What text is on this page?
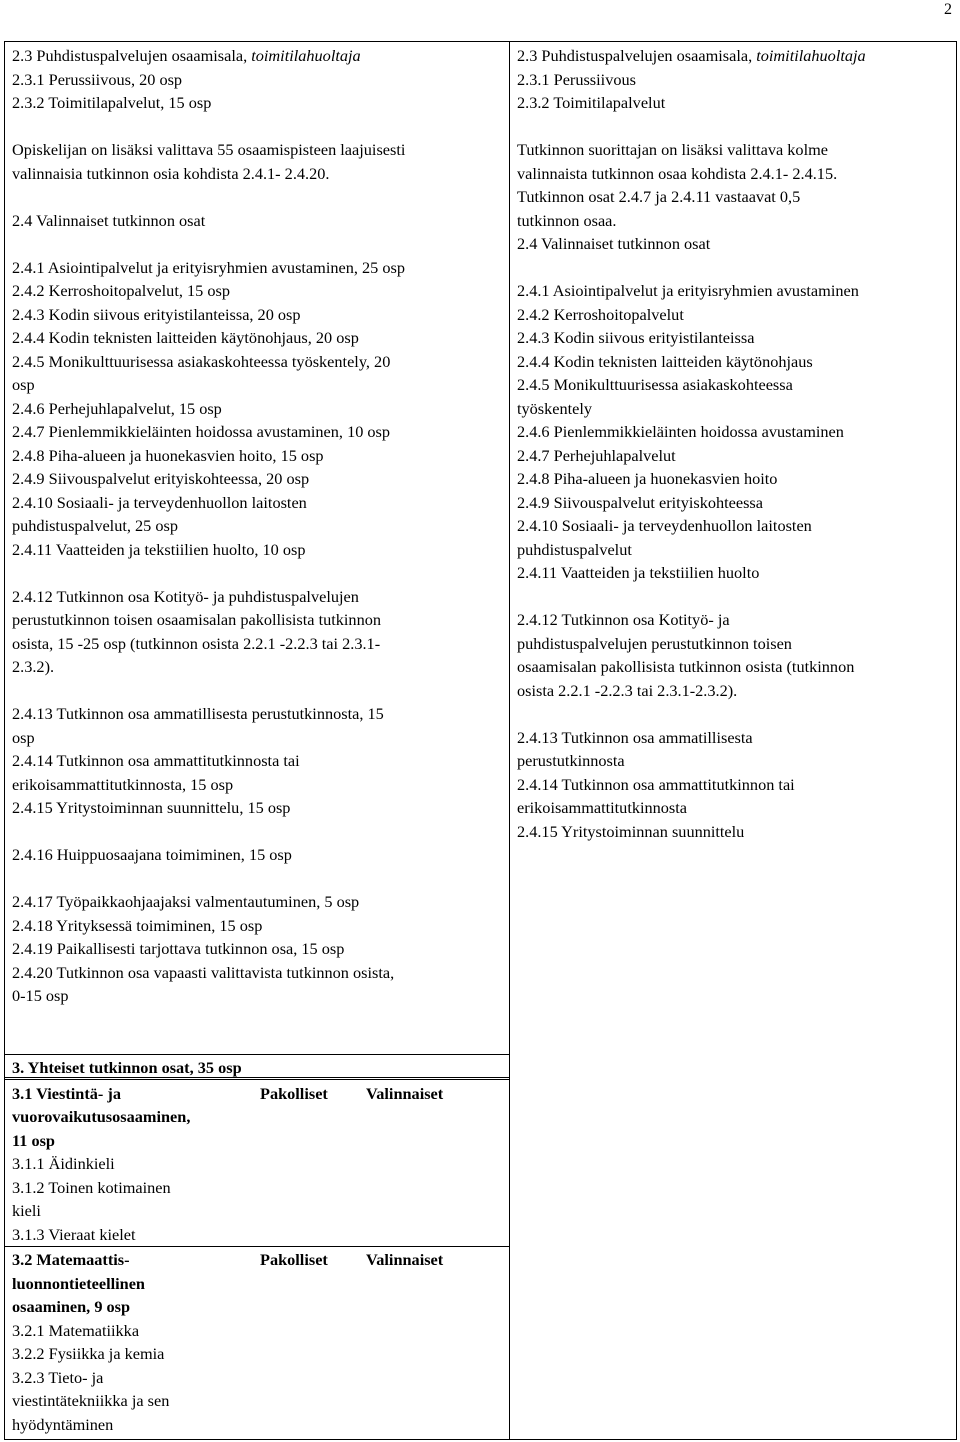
2
2.3 Puhdistuspalvelujen osaamisala, toimitilahuoltaja
2.3.1 Perussiivous, 20 osp
2.3.2 Toimitilapalvelut, 15 osp
Opiskelijan on lisäksi valittava 55 osaamispisteen laajuisesti
valinnaisia tutkinnon osia kohdista 2.4.1- 2.4.20.
2.4 Valinnaiset tutkinnon osat
2.4.1 Asiointipalvelut ja erityisryhmien avustaminen, 25 osp
2.4.2 Kerroshoitopalvelut, 15 osp
2.4.3 Kodin siivous erityistilanteissa, 20 osp
2.4.4 Kodin teknisten laitteiden käytönohjaus, 20 osp
2.4.5 Monikulttuurisessa asiakaskohteessa työskentely, 20
osp
2.4.6 Perhejuhlapalvelut, 15 osp
2.4.7 Pienlemmikkieläinten hoidossa avustaminen, 10 osp
2.4.8 Piha-alueen ja huonekasvien hoito, 15 osp
2.4.9 Siivouspalvelut erityiskohteessa, 20 osp
2.4.10 Sosiaali- ja terveydenhuollon laitosten
puhdistuspalvelut, 25 osp
2.4.11 Vaatteiden ja tekstiilien huolto, 10 osp
2.4.12 Tutkinnon osa Kotityö- ja puhdistuspalvelujen
perustutkinnon toisen osaamisalan pakollisista tutkinnon
osista, 15 -25 osp (tutkinnon osista 2.2.1 -2.2.3 tai 2.3.1-
2.3.2).
2.4.13 Tutkinnon osa ammatillisesta perustutkinnosta, 15
osp
2.4.14 Tutkinnon osa ammattitutkinnosta tai
erikoisammattitutkinnosta, 15 osp
2.4.15 Yritystoiminnan suunnittelu, 15 osp
2.4.16 Huippuosaajana toimiminen, 15 osp
2.4.17 Työpaikkaohjaajaksi valmentautuminen, 5 osp
2.4.18 Yrityksessä toimiminen, 15 osp
2.4.19 Paikallisesti tarjottava tutkinnon osa, 15 osp
2.4.20 Tutkinnon osa vapaasti valittavista tutkinnon osista,
0-15 osp
3. Yhteiset tutkinnon osat, 35 osp
3.1 Viestintä- ja
vuorovaikutusosaaminen,
11 osp
Pakolliset	Valinnaiset
3.1.1 Äidinkieli
3.1.2 Toinen kotimainen
kieli
3.1.3 Vieraat kielet
3.2 Matemaattis-
luonnontieteellinen
osaaminen, 9 osp
Pakolliset	Valinnaiset
3.2.1 Matematiikka
3.2.2 Fysiikka ja kemia
3.2.3 Tieto- ja
viestintätekniikka ja sen
hyödyntäminen
2.3 Puhdistuspalvelujen osaamisala, toimitilahuoltaja
2.3.1 Perussiivous
2.3.2 Toimitilapalvelut
Tutkinnon suorittajan on lisäksi valittava kolme
valinnaista tutkinnon osaa kohdista 2.4.1- 2.4.15.
Tutkinnon osat 2.4.7 ja 2.4.11 vastaavat 0,5
tutkinnon osaa.
2.4 Valinnaiset tutkinnon osat
2.4.1 Asiointipalvelut ja erityisryhmien avustaminen
2.4.2 Kerroshoitopalvelut
2.4.3 Kodin siivous erityistilanteissa
2.4.4 Kodin teknisten laitteiden käytönohjaus
2.4.5 Monikulttuurisessa asiakaskohteessa
työskentely
2.4.6 Pienlemmikkieläinten hoidossa avustaminen
2.4.7 Perhejuhlapalvelut
2.4.8 Piha-alueen ja huonekasvien hoito
2.4.9 Siivouspalvelut erityiskohteessa
2.4.10 Sosiaali- ja terveydenhuollon laitosten
puhdistuspalvelut
2.4.11 Vaatteiden ja tekstiilien huolto
2.4.12 Tutkinnon osa Kotityö- ja
puhdistuspalvelujen perustutkinnon toisen
osaamisalan pakollisista tutkinnon osista (tutkinnon
osista 2.2.1 -2.2.3 tai 2.3.1-2.3.2).
2.4.13 Tutkinnon osa ammatillisesta
perustutkinnosta
2.4.14 Tutkinnon osa ammattitutkinnon tai
erikoisammattitutkinnosta
2.4.15 Yritystoiminnan suunnittelu
